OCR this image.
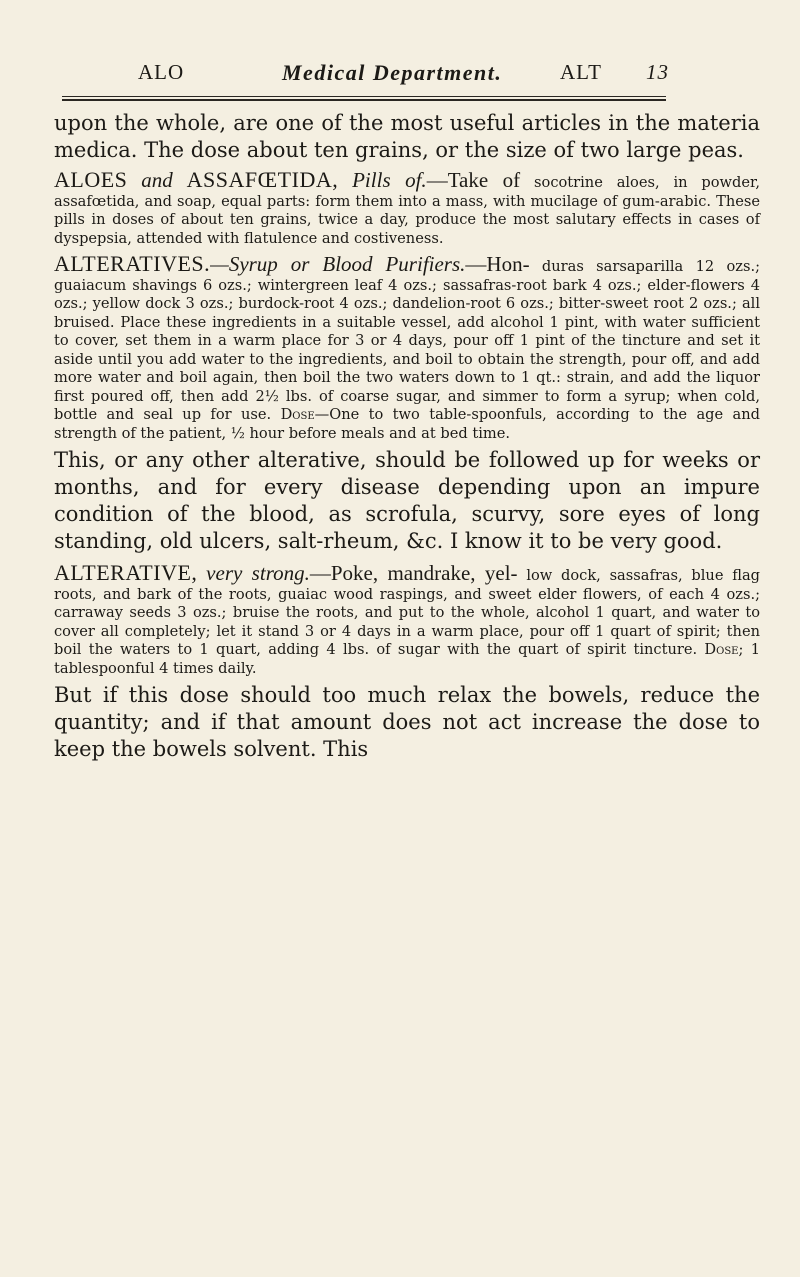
ALO	Medical Department.	ALT 13

upon the whole, are one of the most useful articles in the materia medica. The dose about ten grains, or the size of two large peas.

ALOES and ASSAFŒTIDA, Pills of.—Take of socotrine aloes, in powder, assafœtida, and soap, equal parts: form them into a mass, with mucilage of gum-arabic. These pills in doses of about ten grains, twice a day, produce the most salutary effects in cases of dyspepsia, attended with flatulence and costiveness.

ALTERATIVES.—Syrup or Blood Purifiers.—Hon- duras sarsaparilla 12 ozs.; guaiacum shavings 6 ozs.; wintergreen leaf 4 ozs.; sassafras-root bark 4 ozs.; elder-flowers 4 ozs.; yellow dock 3 ozs.; burdock-root 4 ozs.; dandelion-root 6 ozs.; bitter-sweet root 2 ozs.; all bruised. Place these ingredients in a suitable vessel, add alcohol 1 pint, with water sufficient to cover, set them in a warm place for 3 or 4 days, pour off 1 pint of the tincture and set it aside until you add water to the ingredients, and boil to obtain the strength, pour off, and add more water and boil again, then boil the two waters down to 1 qt.: strain, and add the liquor first poured off, then add 2½ lbs. of coarse sugar, and simmer to form a syrup; when cold, bottle and seal up for use. Dose—One to two table-spoonfuls, according to the age and strength of the patient, ½ hour before meals and at bed time.

This, or any other alterative, should be followed up for weeks or months, and for every disease depending upon an impure condition of the blood, as scrofula, scurvy, sore eyes of long standing, old ulcers, salt-rheum, &c. I know it to be very good.

ALTERATIVE, very strong.—Poke, mandrake, yel- low dock, sassafras, blue flag roots, and bark of the roots, guaiac wood raspings, and sweet elder flowers, of each 4 ozs.; carraway seeds 3 ozs.; bruise the roots, and put to the whole, alcohol 1 quart, and water to cover all completely; let it stand 3 or 4 days in a warm place, pour off 1 quart of spirit; then boil the waters to 1 quart, adding 4 lbs. of sugar with the quart of spirit tincture. Dose; 1 tablespoonful 4 times daily.

But if this dose should too much relax the bowels, reduce the quantity; and if that amount does not act increase the dose to keep the bowels solvent. This
